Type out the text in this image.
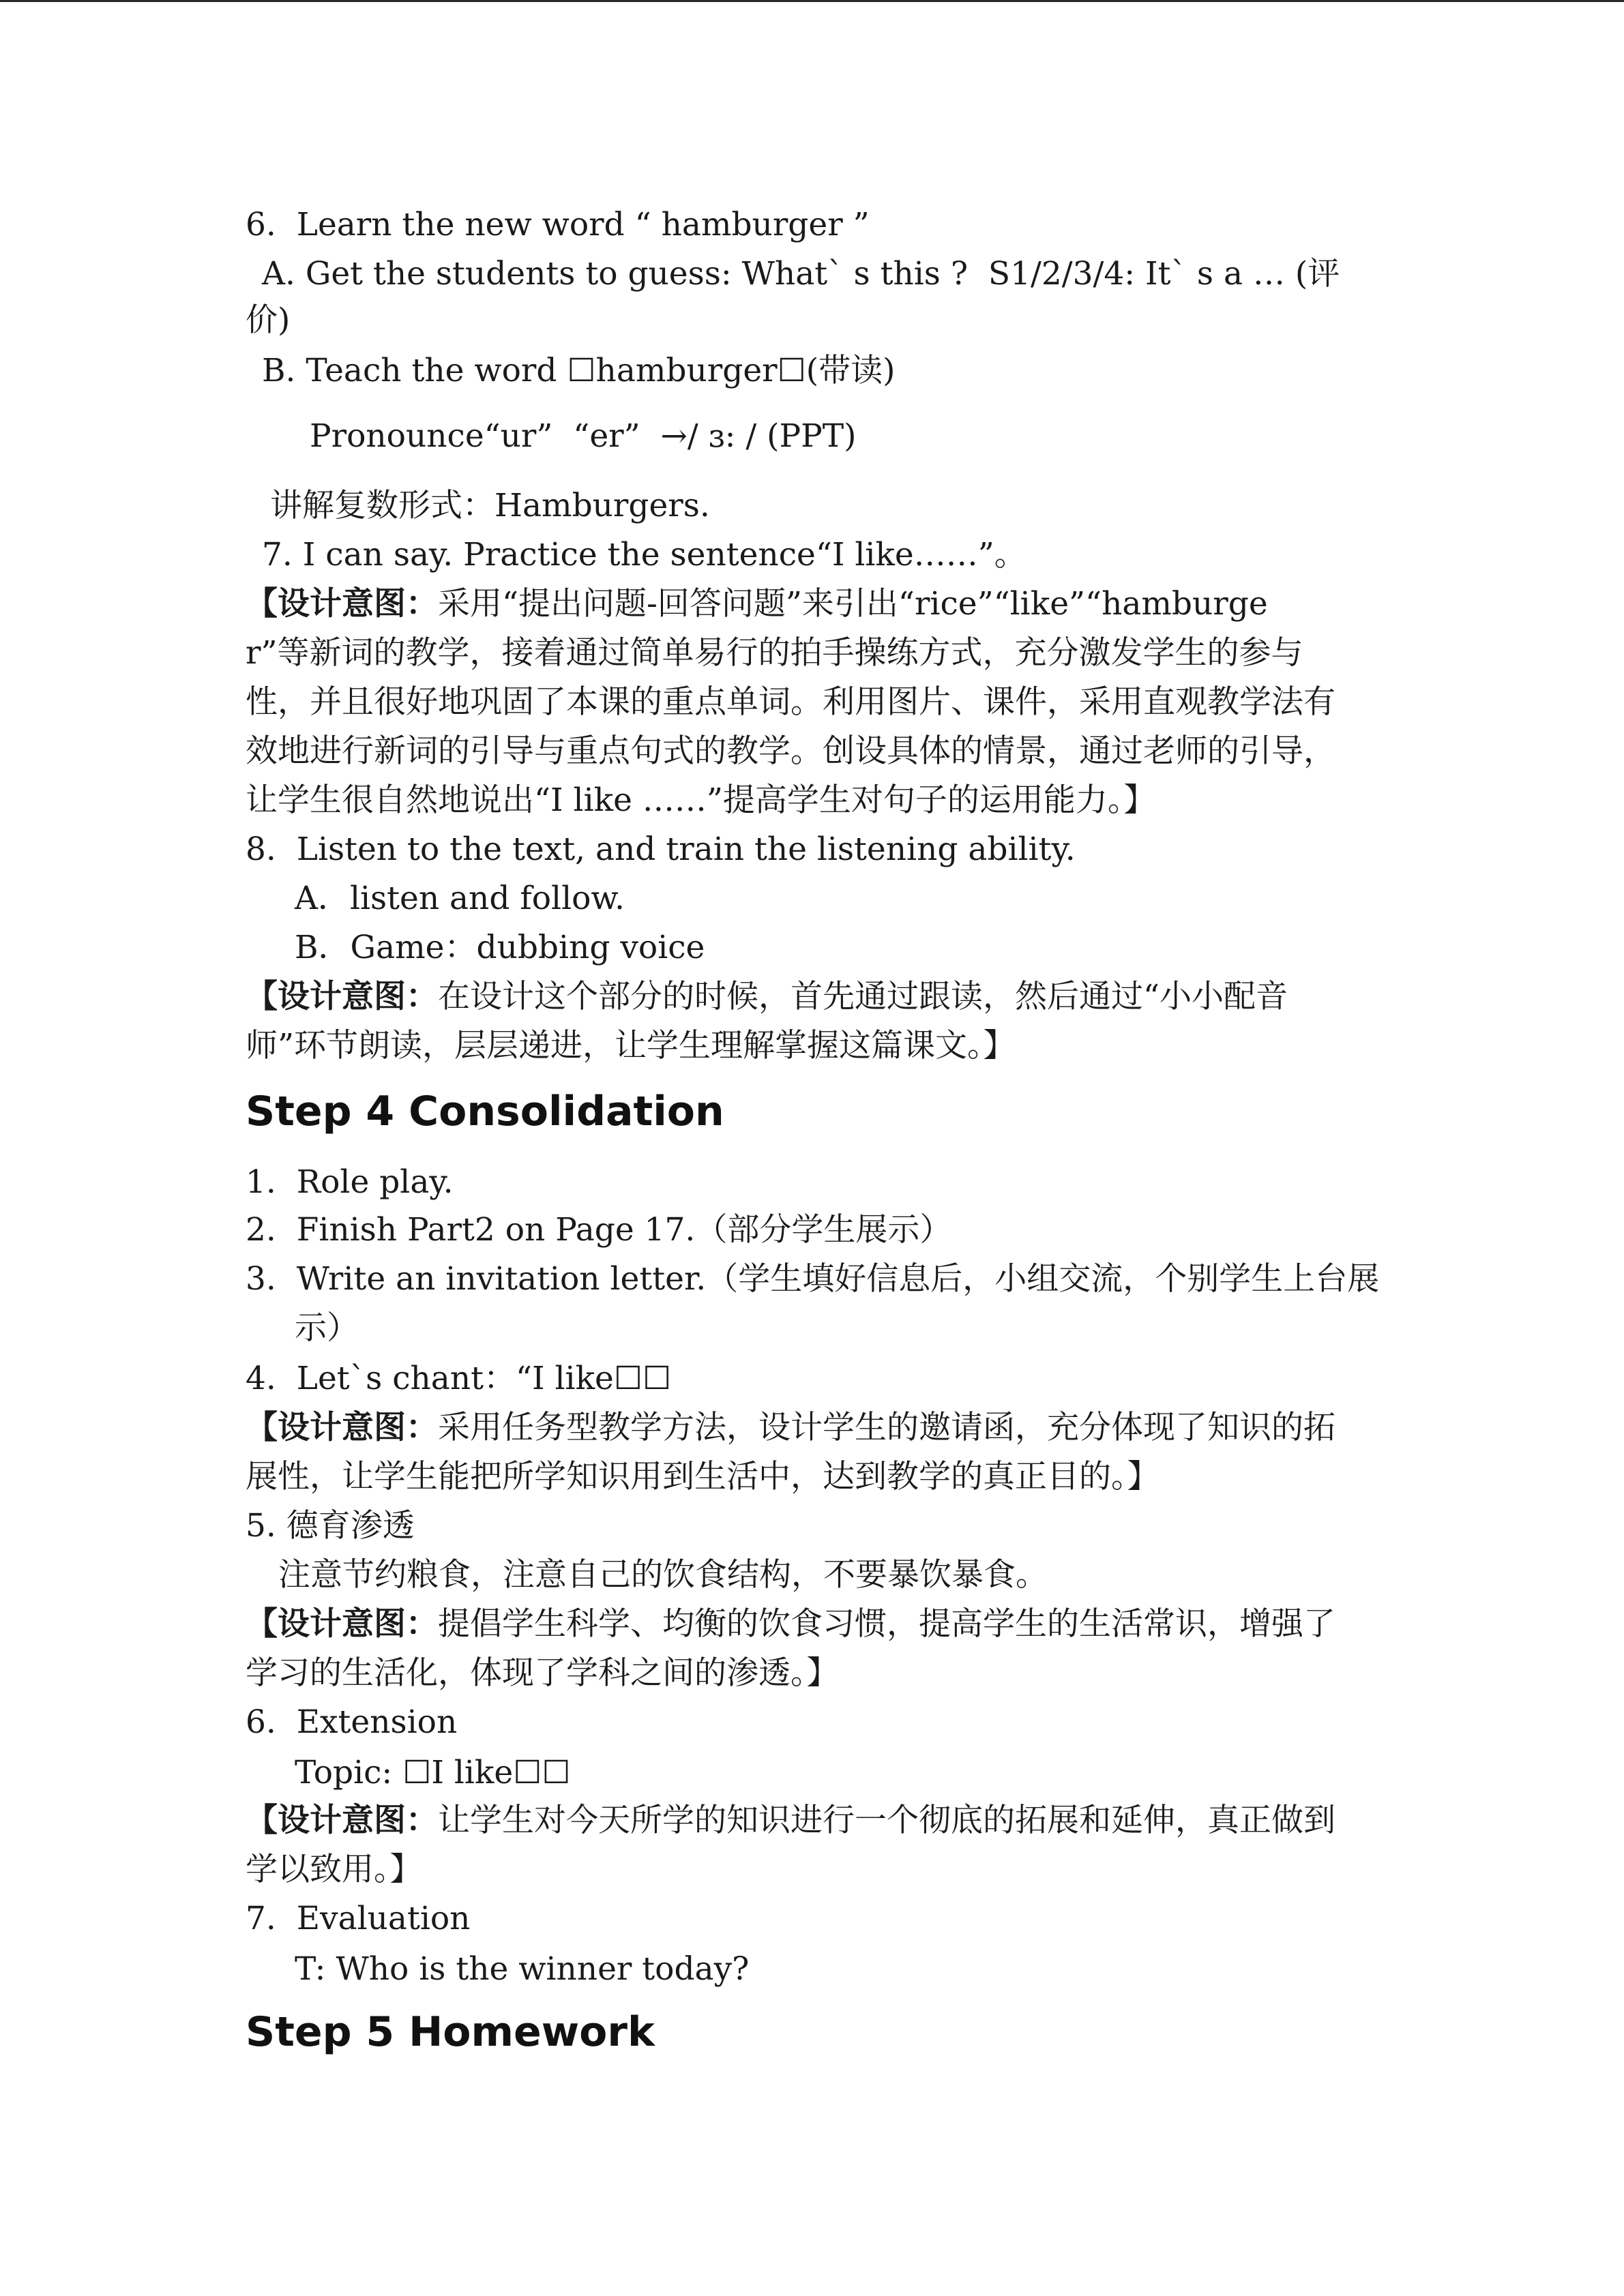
6. Learn the new word “ hamburger ”
A. Get the students to guess: What` s this ?  S1/2/3/4: It` s a … (评
价)
B. Teach the word ☐hamburger☐(带读)
Pronounce“ur”  “er”  →/ ɜ: / (PPT)
讲解复数形式：Hamburgers.
7. I can say. Practice the sentence“I like……”。
【设计意图：采用“提出问题-回答问题”来引出“rice”“like”“hamburge
r”等新词的教学，接着通过简单易行的拍手操练方式，充分激发学生的参与
性，并且很好地巩固了本课的重点单词。利用图片、课件，采用直观教学法有
效地进行新词的引导与重点句式的教学。创设具体的情景，通过老师的引导，
让学生很自然地说出“I like ……”提高学生对句子的运用能力。】
8. Listen to the text, and train the listening ability.
A．listen and follow.
B．Game：dubbing voice
【设计意图：在设计这个部分的时候，首先通过跟读，然后通过“小小配音
师”环节朗读，层层递进，让学生理解掌握这篇课文。】
Step 4 Consolidation
1. Role play.
2. Finish Part2 on Page 17.（部分学生展示）
3. Write an invitation letter.（学生填好信息后，小组交流，个别学生上台展
示）
4. Let`s chant：“I like☐☐
【设计意图：采用任务型教学方法，设计学生的邀请函，充分体现了知识的拓
展性，让学生能把所学知识用到生活中，达到教学的真正目的。】
5. 德育渗透
注意节约粮食，注意自己的饮食结构，不要暴饮暴食。
【设计意图：提倡学生科学、均衡的饮食习惯，提高学生的生活常识，增强了
学习的生活化，体现了学科之间的渗透。】
6. Extension
Topic: ☐I like☐☐
【设计意图：让学生对今天所学的知识进行一个彻底的拓展和延伸，真正做到
学以致用。】
7. Evaluation
T: Who is the winner today?
Step 5 Homework
